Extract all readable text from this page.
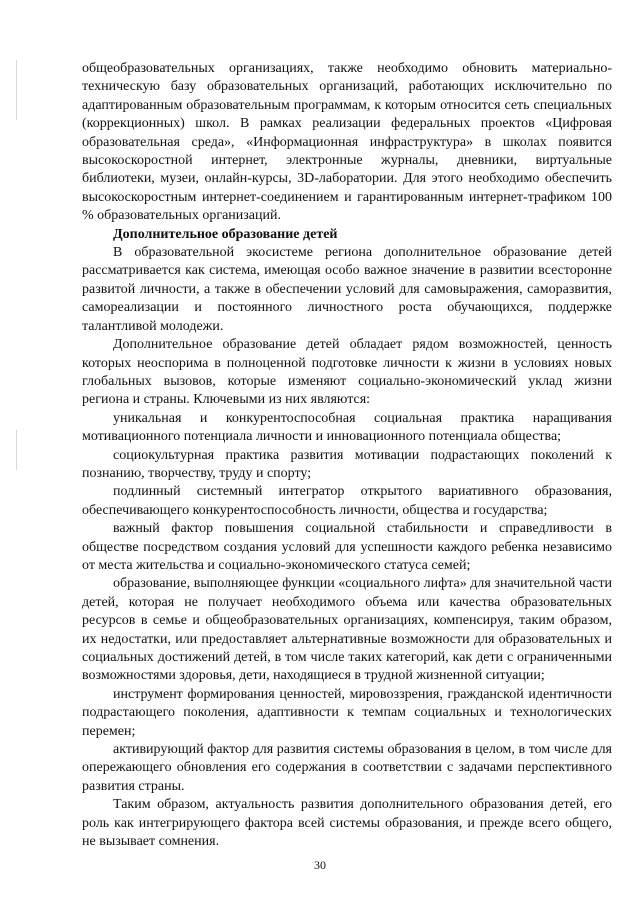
общеобразовательных организациях, также необходимо обновить материально-техническую базу образовательных организаций, работающих исключительно по адаптированным образовательным программам, к которым относится сеть специальных (коррекционных) школ. В рамках реализации федеральных проектов «Цифровая образовательная среда», «Информационная инфраструктура» в школах появится высокоскоростной интернет, электронные журналы, дневники, виртуальные библиотеки, музеи, онлайн-курсы, 3D-лаборатории. Для этого необходимо обеспечить высокоскоростным интернет-соединением и гарантированным интернет-трафиком 100 % образовательных организаций.

Дополнительное образование детей

В образовательной экосистеме региона дополнительное образование детей рассматривается как система, имеющая особо важное значение в развитии всесторонне развитой личности, а также в обеспечении условий для самовыражения, саморазвития, самореализации и постоянного личностного роста обучающихся, поддержке талантливой молодежи.

Дополнительное образование детей обладает рядом возможностей, ценность которых неоспорима в полноценной подготовке личности к жизни в условиях новых глобальных вызовов, которые изменяют социально-экономический уклад жизни региона и страны. Ключевыми из них являются:

уникальная и конкурентоспособная социальная практика наращивания мотивационного потенциала личности и инновационного потенциала общества;

социокультурная практика развития мотивации подрастающих поколений к познанию, творчеству, труду и спорту;

подлинный системный интегратор открытого вариативного образования, обеспечивающего конкурентоспособность личности, общества и государства;

важный фактор повышения социальной стабильности и справедливости в обществе посредством создания условий для успешности каждого ребенка независимо от места жительства и социально-экономического статуса семей;

образование, выполняющее функции «социального лифта» для значительной части детей, которая не получает необходимого объема или качества образовательных ресурсов в семье и общеобразовательных организациях, компенсируя, таким образом, их недостатки, или предоставляет альтернативные возможности для образовательных и социальных достижений детей, в том числе таких категорий, как дети с ограниченными возможностями здоровья, дети, находящиеся в трудной жизненной ситуации;

инструмент формирования ценностей, мировоззрения, гражданской идентичности подрастающего поколения, адаптивности к темпам социальных и технологических перемен;

активирующий фактор для развития системы образования в целом, в том числе для опережающего обновления его содержания в соответствии с задачами перспективного развития страны.

Таким образом, актуальность развития дополнительного образования детей, его роль как интегрирующего фактора всей системы образования, и прежде всего общего, не вызывает сомнения.

30
